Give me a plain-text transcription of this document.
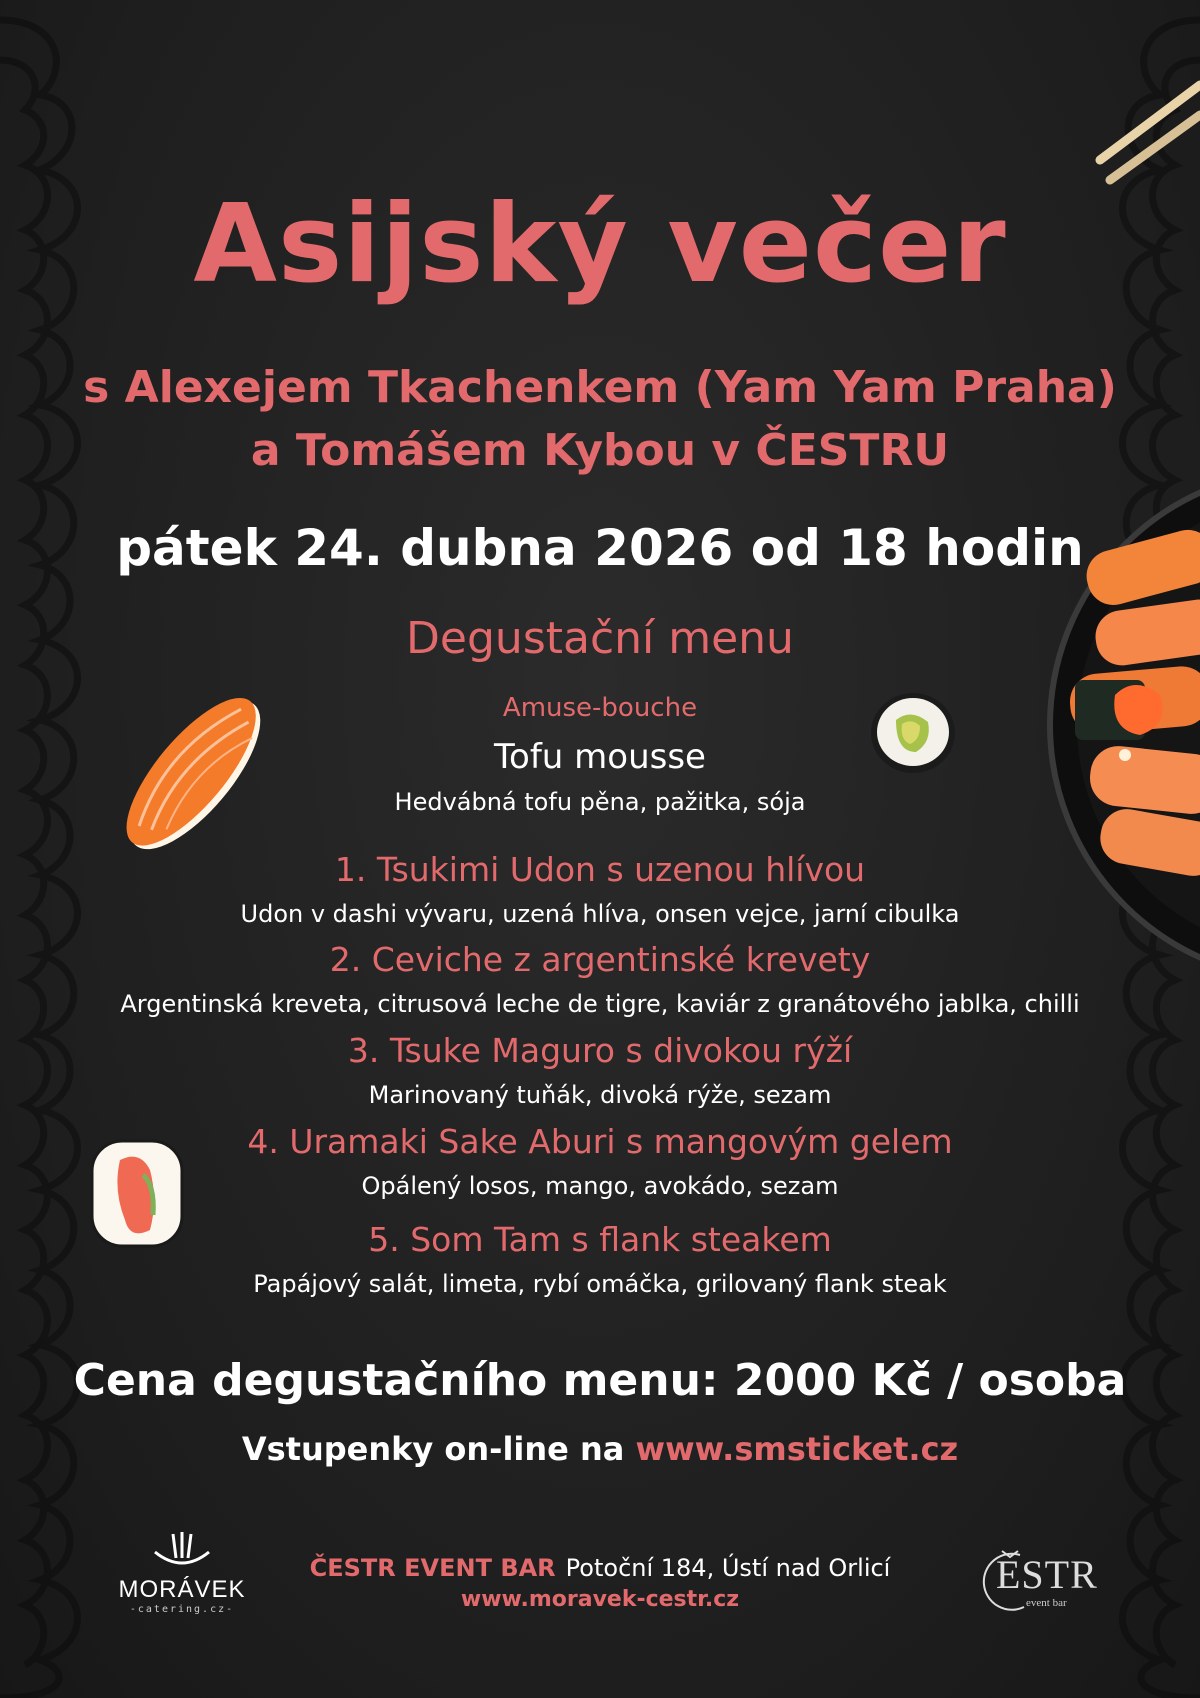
Asijský večer
s Alexejem Tkachenkem (Yam Yam Praha)
a Tomášem Kybou v ČESTRU
pátek 24. dubna 2026 od 18 hodin
Degustační menu
Amuse-bouche
Tofu mousse
Hedvábná tofu pěna, pažitka, sója
1. Tsukimi Udon s uzenou hlívou
Udon v dashi vývaru, uzená hlíva, onsen vejce, jarní cibulka
2. Ceviche z argentinské krevety
Argentinská kreveta, citrusová leche de tigre, kaviár z granátového jablka, chilli
3. Tsuke Maguro s divokou rýží
Marinovaný tuňák, divoká rýže, sezam
4. Uramaki Sake Aburi s mangovým gelem
Opálený losos, mango, avokádo, sezam
5. Som Tam s flank steakem
Papájový salát, limeta, rybí omáčka, grilovaný flank steak
Cena degustačního menu: 2000 Kč / osoba
Vstupenky on-line na www.smsticket.cz
MORÁVEK
-catering.cz-
ČESTR EVENT BAR Potoční 184, Ústí nad Orlicí
www.moravek-cestr.cz
ESTR
event bar
